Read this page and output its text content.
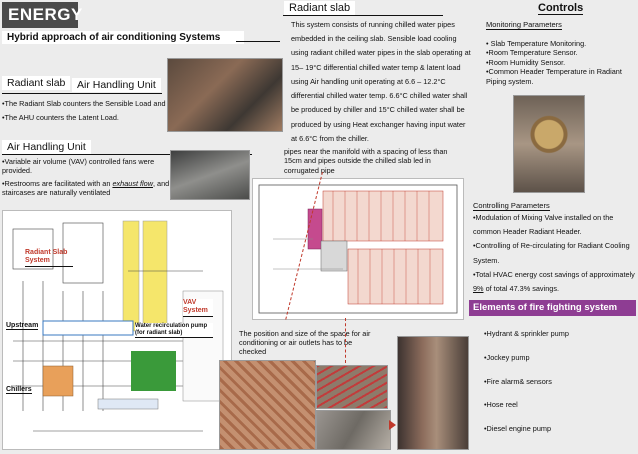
ENERGY
Hybrid approach of air conditioning Systems
Radiant slab	Air Handling Unit

•The Radiant Slab counters the Sensible Load and

•The AHU counters the Latent Load.

Air Handling Unit

•Variable air volume (VAV) controlled fans were provided.

•Restrooms are facilitated with an exhaust flow, and staircases are naturally ventilated

Radiant Slab System
VAV System
Upstream	Water recirculation pump (for radiant slab)
Chillers
Radiant slab
This system consists of running chilled water pipes embedded in the ceiling slab. Sensible load cooling using radiant chilled water pipes in the slab operating at 15– 19°C differential chilled water temp & latent load using Air handling unit operating at 6.6 – 12.2°C differential chilled water temp. 6.6°C chilled water shall be produced by chiller and 15°C chilled water shall be produced by using Heat exchanger having input water at 6.6°C from the chiller.
pipes near the manifold with a spacing of less than 15cm and pipes outside the chilled slab led in corrugated pipe
The position and size of the space for air conditioning or air outlets has to be checked
Controls
Monitoring Parameters
• Slab Temperature Monitoring.
•Room Temperature Sensor.
•Room Humidity Sensor.
•Common Header Temperature in Radiant Piping system.
Controlling Parameters
•Modulation of Mixing Valve installed on the common Header Radiant Header.
•Controlling of Re-circulating for Radiant Cooling System.
•Total HVAC energy cost savings of approximately 9% of total 47.3% savings.
Elements of fire fighting system
•Hydrant & sprinkler pump
•Jockey pump
•Fire alarm& sensors
•Hose reel
•Diesel engine pump
